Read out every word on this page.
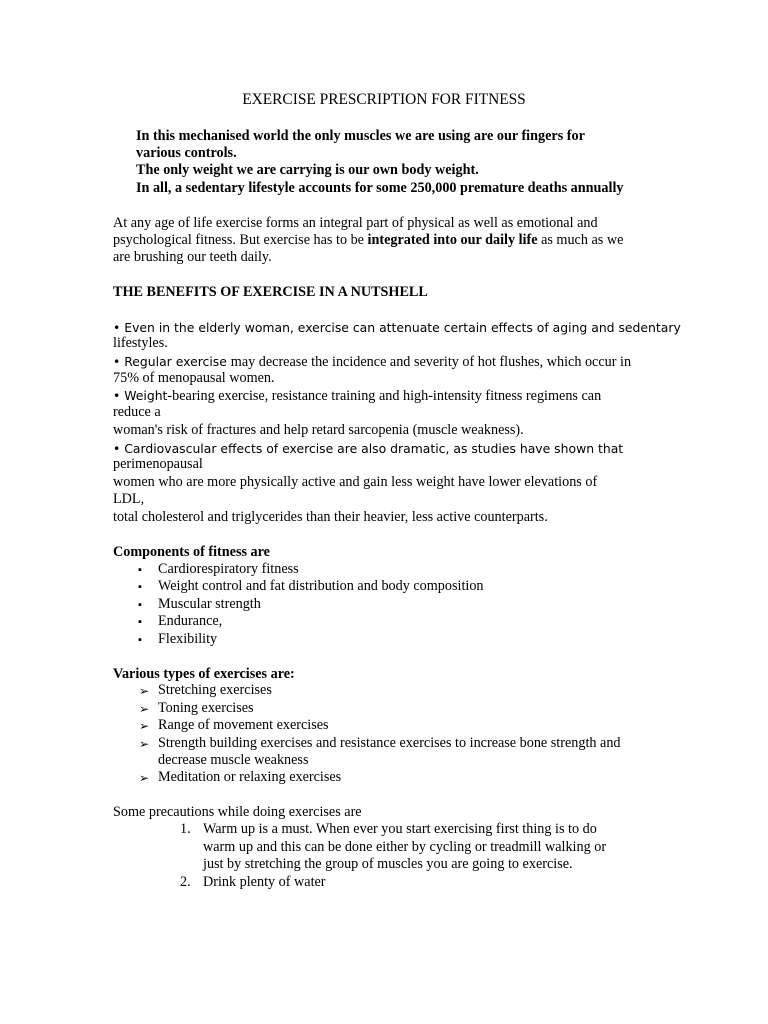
EXERCISE PRESCRIPTION FOR FITNESS
In this mechanised world the only muscles we are using are our fingers for
various controls.
The only weight we are carrying is our own body weight.
In all, a sedentary lifestyle accounts for some 250,000 premature deaths annually
At any age of life exercise forms an integral part of physical as well as emotional and
psychological fitness. But exercise has to be integrated into our daily life as much as we
are brushing our teeth daily.
THE BENEFITS OF EXERCISE IN A NUTSHELL
• Even in the elderly woman, exercise can attenuate certain effects of aging and sedentary
lifestyles.
• Regular exercise may decrease the incidence and severity of hot flushes, which occur in
75% of menopausal women.
• Weight-bearing exercise, resistance training and high-intensity fitness regimens can
reduce a
woman's risk of fractures and help retard sarcopenia (muscle weakness).
• Cardiovascular effects of exercise are also dramatic, as studies have shown that
perimenopausal
women who are more physically active and gain less weight have lower elevations of
LDL,
total cholesterol and triglycerides than their heavier, less active counterparts.
Components of fitness are
▪ Cardiorespiratory fitness
▪ Weight control and fat distribution and body composition
▪ Muscular strength
▪ Endurance,
▪ Flexibility
Various types of exercises are:
➢ Stretching exercises
➢ Toning exercises
➢ Range of movement exercises
➢ Strength building exercises and resistance exercises to increase bone strength and
decrease muscle weakness
➢ Meditation or relaxing exercises
Some precautions while doing exercises are
1. Warm up is a must. When ever you start exercising first thing is to do
warm up and this can be done either by cycling or treadmill walking or
just by stretching the group of muscles you are going to exercise.
2. Drink plenty of water
